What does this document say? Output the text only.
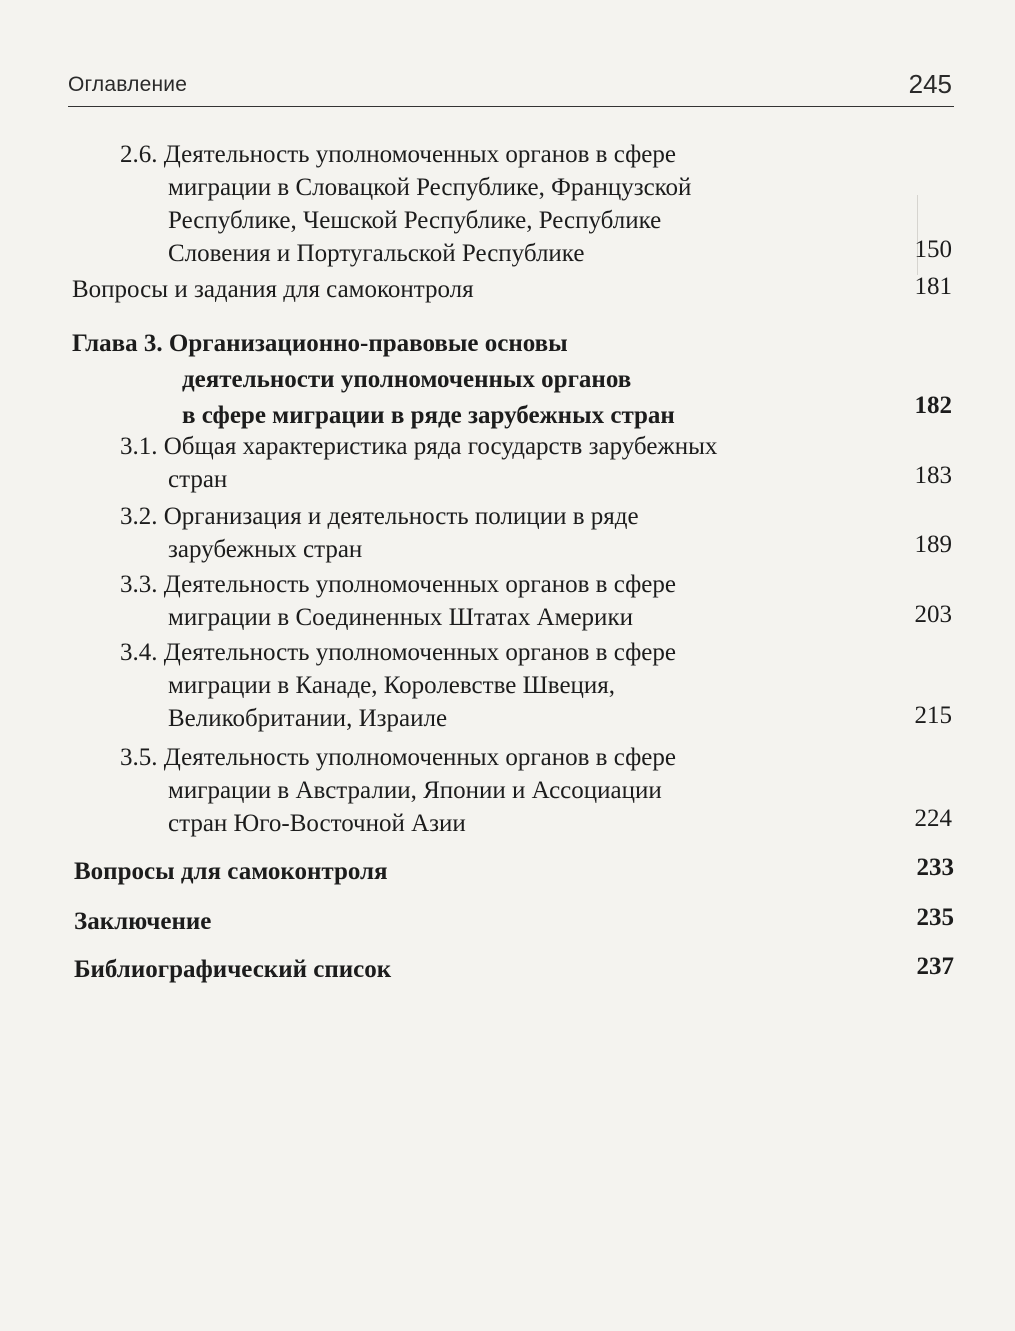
Оглавление	245
2.6. Деятельность уполномоченных органов в сфере
миграции в Словацкой Республике, Французской
Республике, Чешской Республике, Республике
Словения и Португальской Республике	150
Вопросы и задания для самоконтроля	181
Глава 3. Организационно-правовые основы
деятельности уполномоченных органов
в сфере миграции в ряде зарубежных стран	182
3.1. Общая характеристика ряда государств зарубежных
стран	183
3.2. Организация и деятельность полиции в ряде
зарубежных стран	189
3.3. Деятельность уполномоченных органов в сфере
миграции в Соединенных Штатах Америки	203
3.4. Деятельность уполномоченных органов в сфере
миграции в Канаде, Королевстве Швеция,
Великобритании, Израиле	215
3.5. Деятельность уполномоченных органов в сфере
миграции в Австралии, Японии и Ассоциации
стран Юго-Восточной Азии	224
Вопросы для самоконтроля	233
Заключение	235
Библиографический список	237
